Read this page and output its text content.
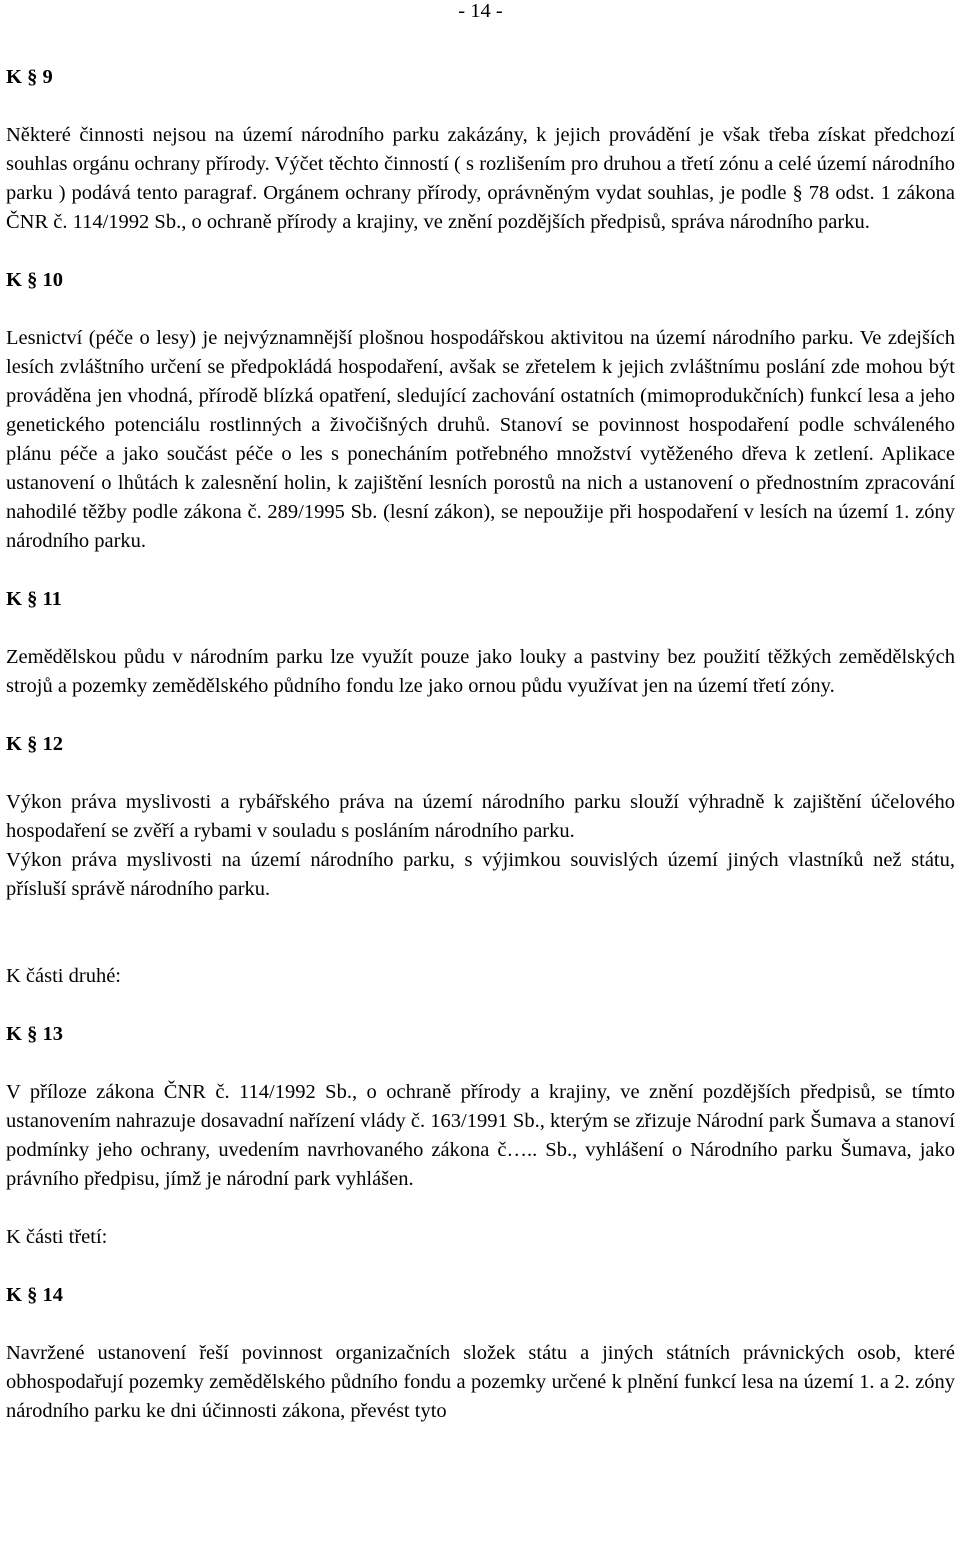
- 14 -
K § 9

Některé činnosti nejsou na území národního parku zakázány, k jejich provádění je však třeba získat předchozí souhlas orgánu ochrany přírody. Výčet těchto činností ( s rozlišením pro druhou a třetí zónu a celé území národního parku ) podává tento paragraf. Orgánem ochrany přírody, oprávněným vydat souhlas, je podle § 78 odst. 1 zákona ČNR č. 114/1992 Sb., o ochraně přírody a krajiny, ve znění pozdějších předpisů, správa národního parku.

K § 10

Lesnictví (péče o lesy) je nejvýznamnější plošnou hospodářskou aktivitou na území národního parku. Ve zdejších lesích zvláštního určení se předpokládá hospodaření, avšak se zřetelem k jejich zvláštnímu poslání zde mohou být prováděna jen vhodná, přírodě blízká opatření, sledující zachování ostatních (mimoprodukčních) funkcí lesa a jeho genetického potenciálu rostlinných a živočišných druhů. Stanoví se povinnost hospodaření podle schváleného plánu péče a jako součást péče o les s ponecháním potřebného množství vytěženého dřeva k zetlení. Aplikace ustanovení o lhůtách k zalesnění holin, k zajištění lesních porostů na nich a ustanovení o přednostním zpracování nahodilé těžby podle zákona č. 289/1995 Sb. (lesní zákon), se nepoužije při hospodaření v lesích na území 1. zóny národního parku.

K § 11

Zemědělskou půdu v národním parku lze využít pouze jako louky a pastviny bez použití těžkých zemědělských strojů a pozemky zemědělského půdního fondu lze jako ornou půdu využívat jen na území třetí zóny.

K § 12

Výkon práva myslivosti a rybářského práva na území národního parku slouží výhradně k zajištění účelového hospodaření se zvěří a rybami v souladu s posláním národního parku.

Výkon práva myslivosti na území národního parku, s výjimkou souvislých území jiných vlastníků než státu, přísluší správě národního parku.

K části druhé:
K § 13

V příloze zákona ČNR č. 114/1992 Sb., o ochraně přírody a krajiny, ve znění pozdějších předpisů, se tímto ustanovením nahrazuje dosavadní nařízení vlády č. 163/1991 Sb., kterým se zřizuje Národní park Šumava a stanoví podmínky jeho ochrany, uvedením navrhovaného zákona č….. Sb., vyhlášení o Národního parku Šumava, jako právního předpisu, jímž je národní park vyhlášen.

K části třetí:
K § 14

Navržené ustanovení řeší povinnost organizačních složek státu a jiných státních právnických osob, které obhospodařují pozemky zemědělského půdního fondu a pozemky určené k plnění funkcí lesa na území 1. a 2. zóny národního parku ke dni účinnosti zákona, převést tyto
